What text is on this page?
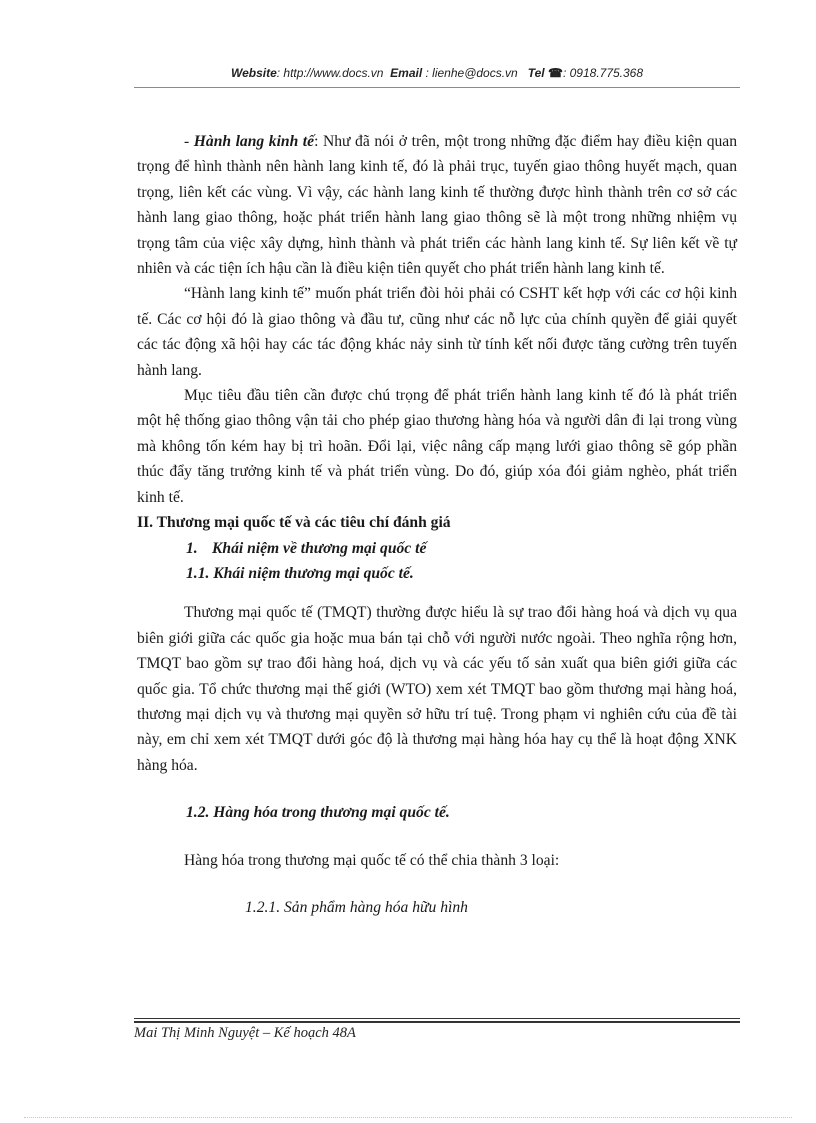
Website: http://www.docs.vn Email : lienhe@docs.vn Tel ☎: 0918.775.368

- Hành lang kinh tế: Như đã nói ở trên, một trong những đặc điểm hay điều kiện quan trọng để hình thành nên hành lang kinh tế, đó là phải trục, tuyến giao thông huyết mạch, quan trọng, liên kết các vùng. Vì vậy, các hành lang kinh tế thường được hình thành trên cơ sở các hành lang giao thông, hoặc phát triển hành lang giao thông sẽ là một trong những nhiệm vụ trọng tâm của việc xây dựng, hình thành và phát triển các hành lang kinh tế. Sự liên kết về tự nhiên và các tiện ích hậu cần là điều kiện tiên quyết cho phát triển hành lang kinh tế.

“Hành lang kinh tế” muốn phát triển đòi hỏi phải có CSHT kết hợp với các cơ hội kinh tế. Các cơ hội đó là giao thông và đầu tư, cũng như các nỗ lực của chính quyền để giải quyết các tác động xã hội hay các tác động khác nảy sinh từ tính kết nối được tăng cường trên tuyến hành lang.

Mục tiêu đầu tiên cần được chú trọng để phát triển hành lang kinh tế đó là phát triển một hệ thống giao thông vận tải cho phép giao thương hàng hóa và người dân đi lại trong vùng mà không tốn kém hay bị trì hoãn. Đổi lại, việc nâng cấp mạng lưới giao thông sẽ góp phần thúc đẩy tăng trưởng kinh tế và phát triển vùng. Do đó, giúp xóa đói giảm nghèo, phát triển kinh tế.

II. Thương mại quốc tế và các tiêu chí đánh giá

1. Khái niệm về thương mại quốc tế

1.1. Khái niệm thương mại quốc tế.

Thương mại quốc tế (TMQT) thường được hiểu là sự trao đổi hàng hoá và dịch vụ qua biên giới giữa các quốc gia hoặc mua bán tại chỗ với người nước ngoài. Theo nghĩa rộng hơn, TMQT bao gồm sự trao đổi hàng hoá, dịch vụ và các yếu tố sản xuất qua biên giới giữa các quốc gia. Tổ chức thương mại thế giới (WTO) xem xét TMQT bao gồm thương mại hàng hoá, thương mại dịch vụ và thương mại quyền sở hữu trí tuệ. Trong phạm vi nghiên cứu của đề tài này, em chỉ xem xét TMQT dưới góc độ là thương mại hàng hóa hay cụ thể là hoạt động XNK hàng hóa.

1.2. Hàng hóa trong thương mại quốc tế.

Hàng hóa trong thương mại quốc tế có thể chia thành 3 loại:

1.2.1. Sản phẩm hàng hóa hữu hình

Mai Thị Minh Nguyệt – Kế hoạch 48A
